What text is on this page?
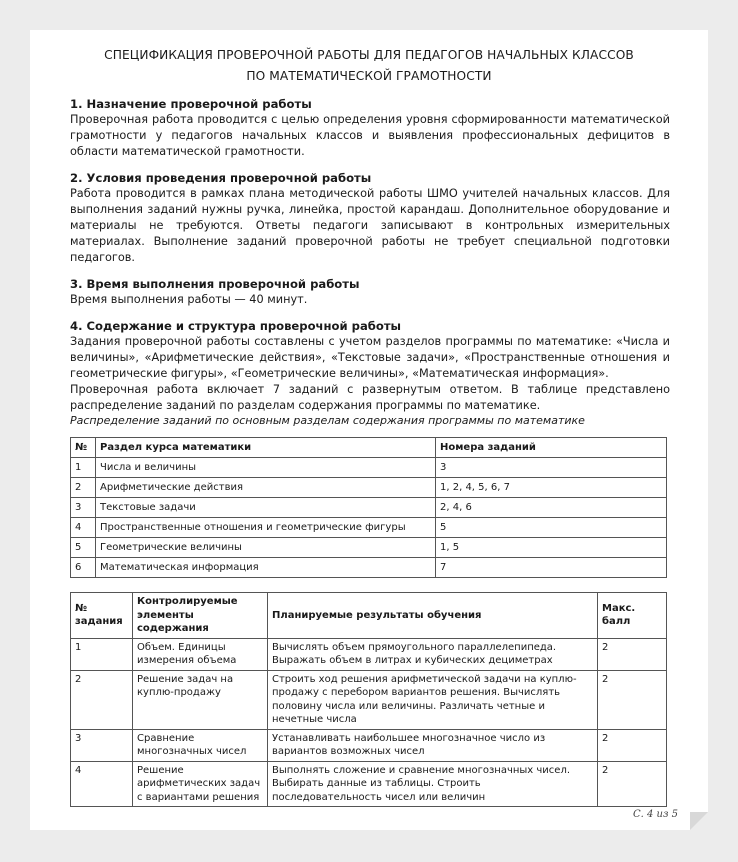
СПЕЦИФИКАЦИЯ ПРОВЕРОЧНОЙ РАБОТЫ ДЛЯ ПЕДАГОГОВ НАЧАЛЬНЫХ КЛАССОВ
ПО МАТЕМАТИЧЕСКОЙ ГРАМОТНОСТИ

1. Назначение проверочной работы

Проверочная работа проводится с целью определения уровня сформированности математической грамотности у педагогов начальных классов и выявления профессиональных дефицитов в области математической грамотности.

2. Условия проведения проверочной работы

Работа проводится в рамках плана методической работы ШМО учителей начальных классов. Для выполнения заданий нужны ручка, линейка, простой карандаш. Дополнительное оборудование и материалы не требуются. Ответы педагоги записывают в контрольных измерительных материалах. Выполнение заданий проверочной работы не требует специальной подготовки педагогов.

3. Время выполнения проверочной работы

Время выполнения работы — 40 минут.

4. Содержание и структура проверочной работы

Задания проверочной работы составлены с учетом разделов программы по математике: «Числа и величины», «Арифметические действия», «Текстовые задачи», «Пространственные отношения и геометрические фигуры», «Геометрические величины», «Математическая информация».

Проверочная работа включает 7 заданий с развернутым ответом. В таблице представлено распределение заданий по разделам содержания программы по математике.

Распределение заданий по основным разделам содержания программы по математике
№	Раздел курса математики	Номера заданий
1	Числа и величины	3
2	Арифметические действия	1, 2, 4, 5, 6, 7
3	Текстовые задачи	2, 4, 6
4	Пространственные отношения и геометрические фигуры	5
5	Геометрические величины	1, 5
6	Математическая информация	7
№ задания	Контролируемые элементы содержания	Планируемые результаты обучения	Макс. балл
1	Объем. Единицы измерения объема	Вычислять объем прямоугольного параллелепипеда. Выражать объем в литрах и кубических дециметрах	2
2	Решение задач на куплю-продажу	Строить ход решения арифметической задачи на куплю-продажу с перебором вариантов решения. Вычислять половину числа или величины. Различать четные и нечетные числа	2
3	Сравнение многозначных чисел	Устанавливать наибольшее многозначное число из вариантов возможных чисел	2
4	Решение арифметических задач с вариантами решения	Выполнять сложение и сравнение многозначных чисел. Выбирать данные из таблицы. Строить последовательность чисел или величин	2
С. 4 из 5
